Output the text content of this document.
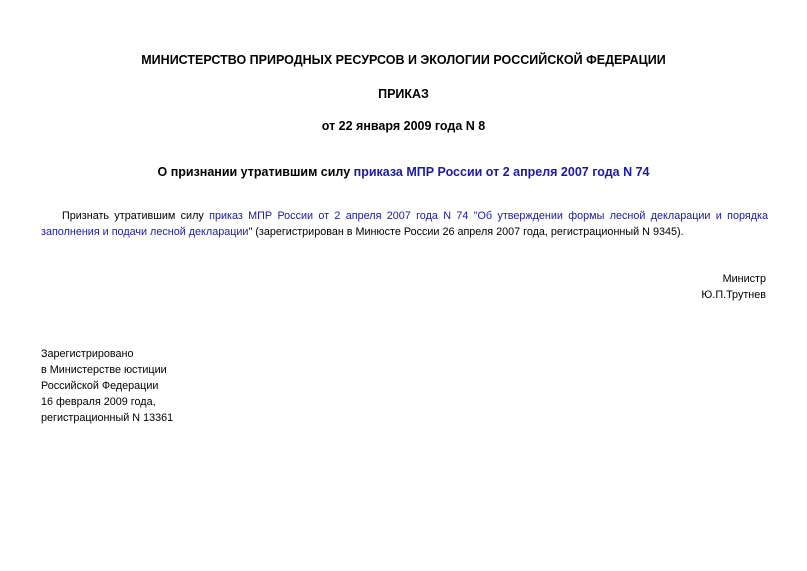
МИНИСТЕРСТВО ПРИРОДНЫХ РЕСУРСОВ И ЭКОЛОГИИ РОССИЙСКОЙ ФЕДЕРАЦИИ
ПРИКАЗ
от 22 января 2009 года N 8
О признании утратившим силу приказа МПР России от 2 апреля 2007 года N 74
Признать утратившим силу приказ МПР России от 2 апреля 2007 года N 74 "Об утверждении формы лесной декларации и порядка заполнения и подачи лесной декларации" (зарегистрирован в Минюсте России 26 апреля 2007 года, регистрационный N 9345).
Министр
Ю.П.Трутнев
Зарегистрировано
в Министерстве юстиции
Российской Федерации
16 февраля 2009 года,
регистрационный N 13361
